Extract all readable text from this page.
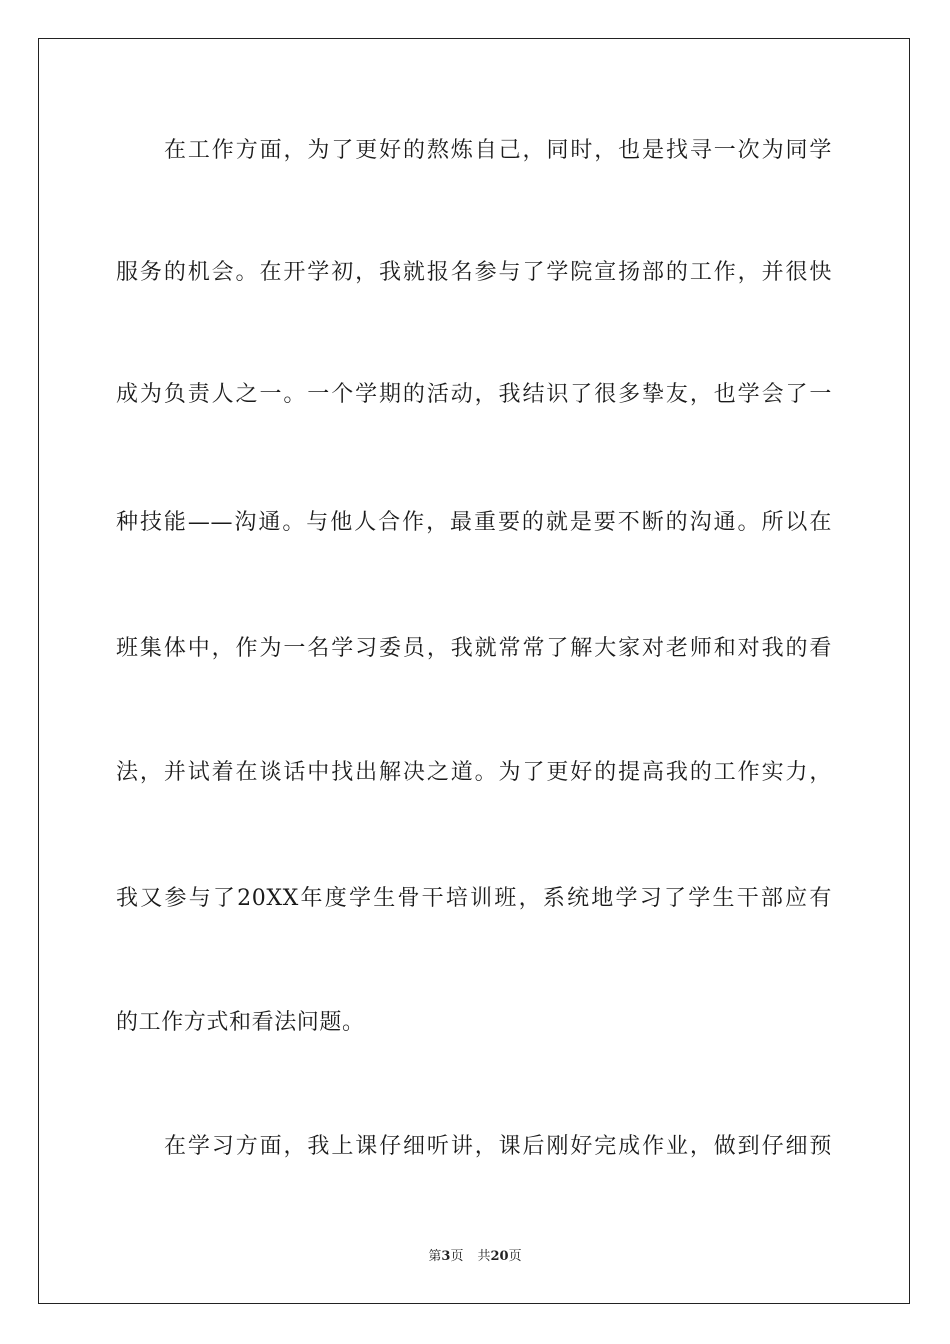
在工作方面，为了更好的熬炼自己，同时，也是找寻一次为同学
服务的机会。在开学初，我就报名参与了学院宣扬部的工作，并很快
成为负责人之一。一个学期的活动，我结识了很多挚友，也学会了一
种技能——沟通。与他人合作，最重要的就是要不断的沟通。所以在
班集体中，作为一名学习委员，我就常常了解大家对老师和对我的看
法，并试着在谈话中找出解决之道。为了更好的提高我的工作实力，
我又参与了20XX年度学生骨干培训班，系统地学习了学生干部应有
的工作方式和看法问题。
在学习方面，我上课仔细听讲，课后刚好完成作业，做到仔细预
第3页 共20页
